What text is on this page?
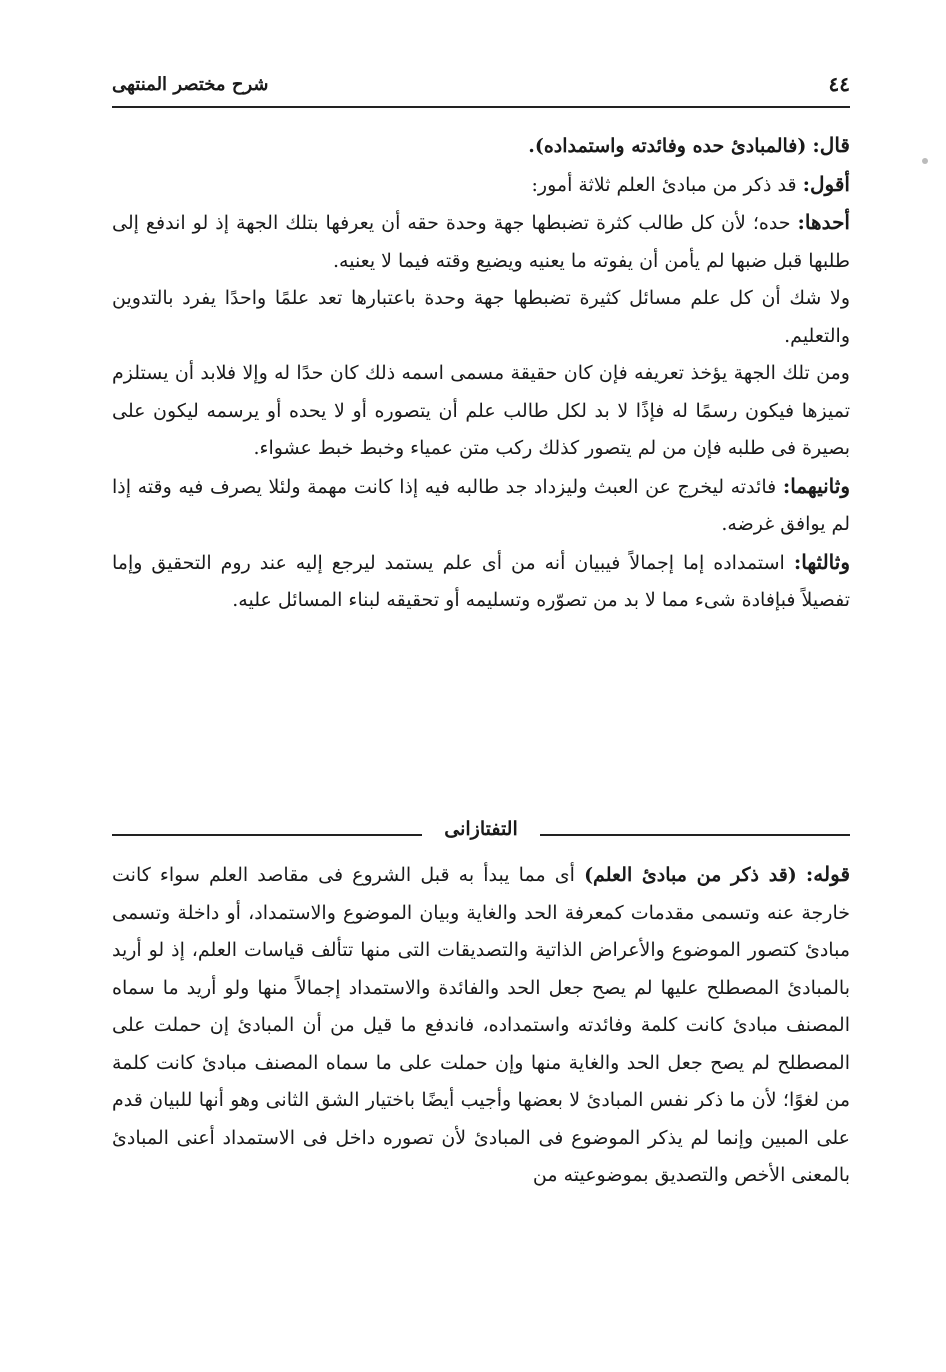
٤٤
شرح مختصر المنتهى

قال: (فالمبادئ حده وفائدته واستمداده).

أقول: قد ذكر من مبادئ العلم ثلاثة أمور:

أحدها: حده؛ لأن كل طالب كثرة تضبطها جهة وحدة حقه أن يعرفها بتلك الجهة إذ لو اندفع إلى طلبها قبل ضبها لم يأمن أن يفوته ما يعنيه ويضيع وقته فيما لا يعنيه.

ولا شك أن كل علم مسائل كثيرة تضبطها جهة وحدة باعتبارها تعد علمًا واحدًا يفرد بالتدوين والتعليم.

ومن تلك الجهة يؤخذ تعريفه فإن كان حقيقة مسمى اسمه ذلك كان حدًا له وإلا فلابد أن يستلزم تميزها فيكون رسمًا له فإذًا لا بد لكل طالب علم أن يتصوره أو لا يحده أو يرسمه ليكون على بصيرة فى طلبه فإن من لم يتصور كذلك ركب متن عمياء وخبط خبط عشواء.

وثانيهما: فائدته ليخرج عن العبث وليزداد جد طالبه فيه إذا كانت مهمة ولئلا يصرف فيه وقته إذا لم يوافق غرضه.

وثالثها: استمداده إما إجمالاً فيبيان أنه من أى علم يستمد ليرجع إليه عند روم التحقيق وإما تفصيلاً فبإفادة شىء مما لا بد من تصوّره وتسليمه أو تحقيقه لبناء المسائل عليه.

التفتازانى

قوله: (قد ذكر من مبادئ العلم) أى مما يبدأ به قبل الشروع فى مقاصد العلم سواء كانت خارجة عنه وتسمى مقدمات كمعرفة الحد والغاية وبيان الموضوع والاستمداد، أو داخلة وتسمى مبادئ كتصور الموضوع والأعراض الذاتية والتصديقات التى منها تتألف قياسات العلم، إذ لو أريد بالمبادئ المصطلح عليها لم يصح جعل الحد والفائدة والاستمداد إجمالاً منها ولو أريد ما سماه المصنف مبادئ كانت كلمة وفائدته واستمداده، فاندفع ما قيل من أن المبادئ إن حملت على المصطلح لم يصح جعل الحد والغاية منها وإن حملت على ما سماه المصنف مبادئ كانت كلمة من لغوًا؛ لأن ما ذكر نفس المبادئ لا بعضها وأجيب أيضًا باختيار الشق الثانى وهو أنها للبيان قدم على المبين وإنما لم يذكر الموضوع فى المبادئ لأن تصوره داخل فى الاستمداد أعنى المبادئ بالمعنى الأخص والتصديق بموضوعيته من
